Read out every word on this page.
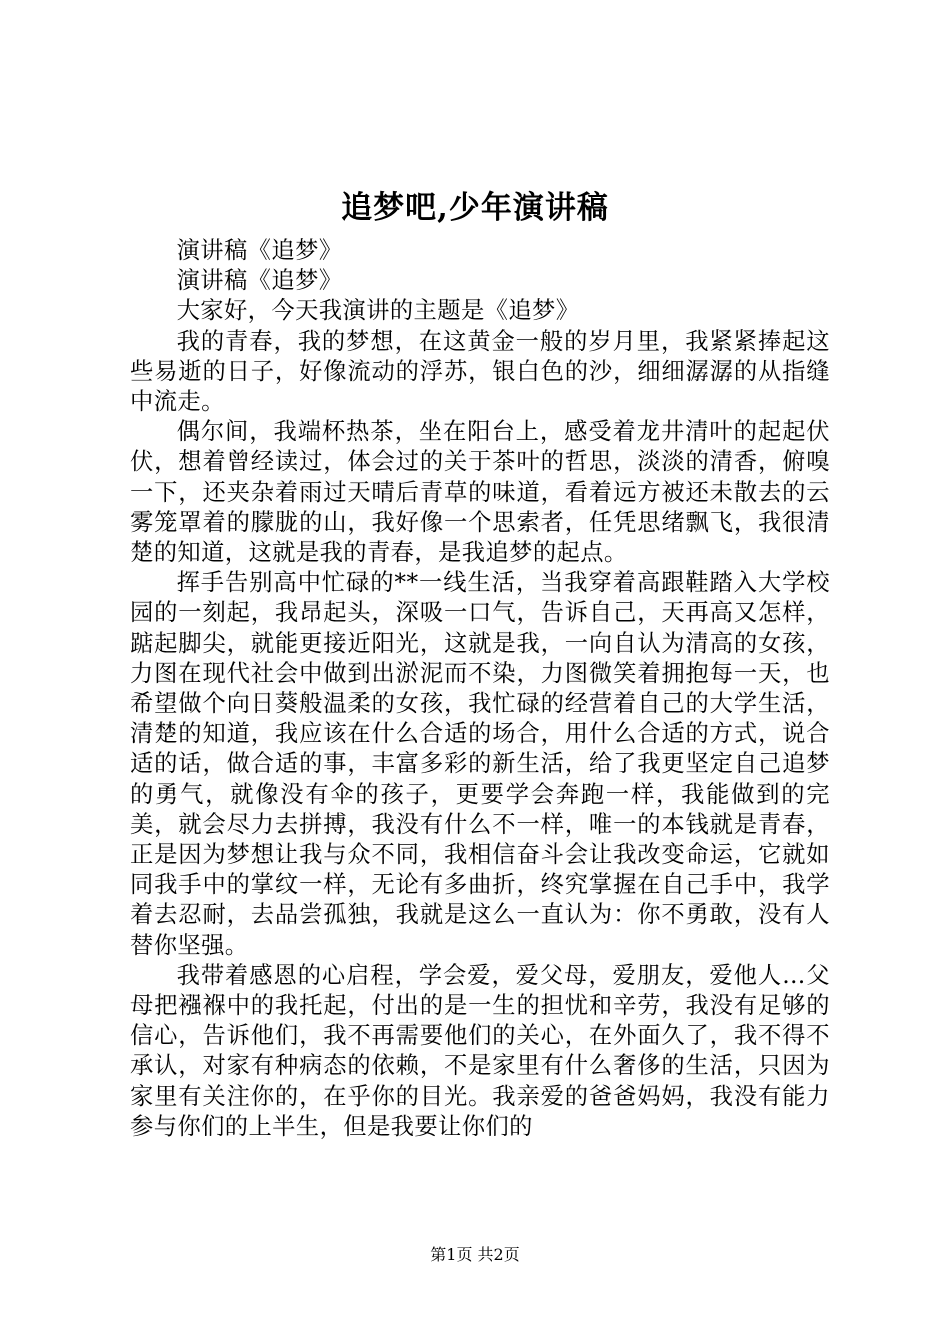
追梦吧,少年演讲稿

演讲稿《追梦》

演讲稿《追梦》

大家好，今天我演讲的主题是《追梦》

我的青春，我的梦想，在这黄金一般的岁月里，我紧紧捧起这些易逝的日子，好像流动的浮苏，银白色的沙，细细潺潺的从指缝中流走。

偶尔间，我端杯热茶，坐在阳台上，感受着龙井清叶的起起伏伏，想着曾经读过，体会过的关于茶叶的哲思，淡淡的清香，俯嗅一下，还夹杂着雨过天晴后青草的味道，看着远方被还未散去的云雾笼罩着的朦胧的山，我好像一个思索者，任凭思绪飘飞，我很清楚的知道，这就是我的青春，是我追梦的起点。

挥手告别高中忙碌的**一线生活，当我穿着高跟鞋踏入大学校园的一刻起，我昂起头，深吸一口气，告诉自己，天再高又怎样，踮起脚尖，就能更接近阳光，这就是我，一向自认为清高的女孩，力图在现代社会中做到出淤泥而不染，力图微笑着拥抱每一天，也希望做个向日葵般温柔的女孩，我忙碌的经营着自己的大学生活，清楚的知道，我应该在什么合适的场合，用什么合适的方式，说合适的话，做合适的事，丰富多彩的新生活，给了我更坚定自己追梦的勇气，就像没有伞的孩子，更要学会奔跑一样，我能做到的完美，就会尽力去拼搏，我没有什么不一样，唯一的本钱就是青春，正是因为梦想让我与众不同，我相信奋斗会让我改变命运，它就如同我手中的掌纹一样，无论有多曲折，终究掌握在自己手中，我学着去忍耐，去品尝孤独，我就是这么一直认为：你不勇敢，没有人替你坚强。

我带着感恩的心启程，学会爱，爱父母，爱朋友，爱他人…父母把襁褓中的我托起，付出的是一生的担忧和辛劳，我没有足够的信心，告诉他们，我不再需要他们的关心，在外面久了，我不得不承认，对家有种病态的依赖，不是家里有什么奢侈的生活，只因为家里有关注你的，在乎你的目光。我亲爱的爸爸妈妈，我没有能力参与你们的上半生，但是我要让你们的

第1页 共2页
